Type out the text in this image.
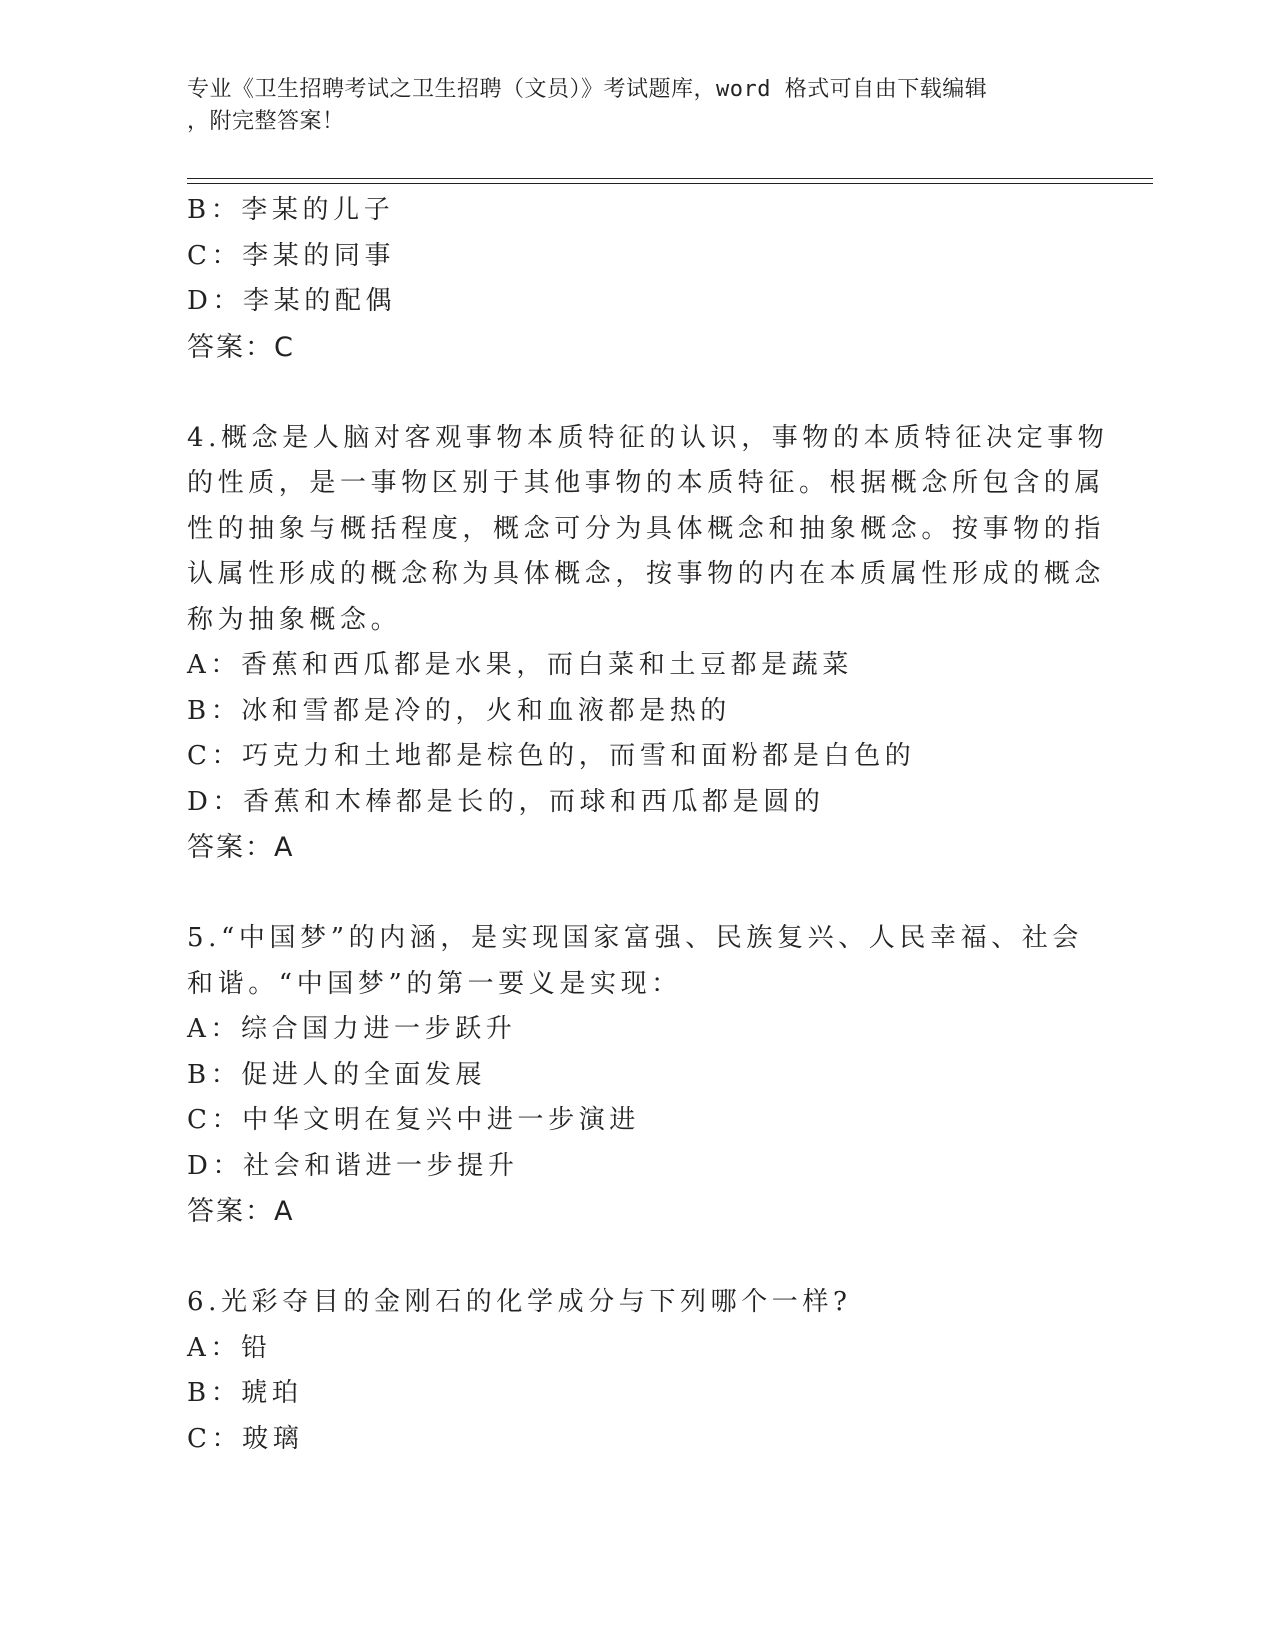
专业《卫生招聘考试之卫生招聘（文员）》考试题库，word 格式可自由下载编辑
，附完整答案！
B：李某的儿子
C：李某的同事
D：李某的配偶
答案：C
4.概念是人脑对客观事物本质特征的认识，事物的本质特征决定事物
的性质，是一事物区别于其他事物的本质特征。根据概念所包含的属
性的抽象与概括程度，概念可分为具体概念和抽象概念。按事物的指
认属性形成的概念称为具体概念，按事物的内在本质属性形成的概念
称为抽象概念。
A：香蕉和西瓜都是水果，而白菜和土豆都是蔬菜
B：冰和雪都是冷的，火和血液都是热的
C：巧克力和土地都是棕色的，而雪和面粉都是白色的
D：香蕉和木棒都是长的，而球和西瓜都是圆的
答案：A
5.“中国梦”的内涵，是实现国家富强、民族复兴、人民幸福、社会
和谐。“中国梦”的第一要义是实现：
A：综合国力进一步跃升
B：促进人的全面发展
C：中华文明在复兴中进一步演进
D：社会和谐进一步提升
答案：A
6.光彩夺目的金刚石的化学成分与下列哪个一样?
A：铅
B：琥珀
C：玻璃
